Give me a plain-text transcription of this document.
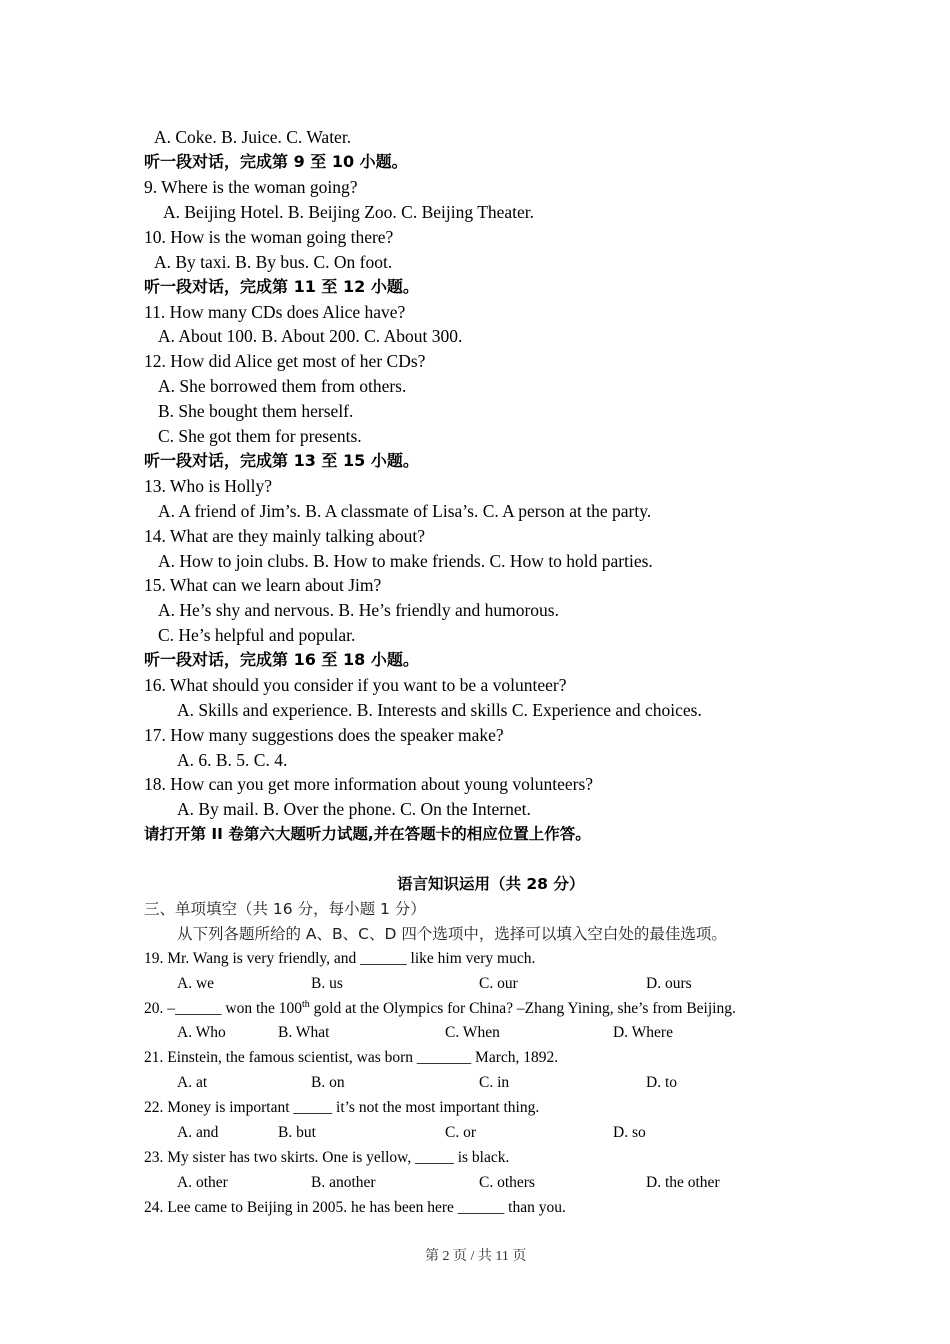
A. Coke. B. Juice. C. Water.
听一段对话，完成第 9 至 10 小题。
9. Where is the woman going?
A. Beijing Hotel. B. Beijing Zoo. C. Beijing Theater.
10. How is the woman going there?
A. By taxi. B. By bus. C. On foot.
听一段对话，完成第 11 至 12 小题。
11. How many CDs does Alice have?
A. About 100. B. About 200. C. About 300.
12. How did Alice get most of her CDs?
A. She borrowed them from others.
B. She bought them herself.
C. She got them for presents.
听一段对话，完成第 13 至 15 小题。
13. Who is Holly?
A. A friend of Jim’s. B. A classmate of Lisa’s. C. A person at the party.
14. What are they mainly talking about?
A. How to join clubs. B. How to make friends. C. How to hold parties.
15. What can we learn about Jim?
A. He’s shy and nervous. B. He’s friendly and humorous.
C. He’s helpful and popular.
听一段对话，完成第 16 至 18 小题。
16. What should you consider if you want to be a volunteer?
A. Skills and experience. B. Interests and skills C. Experience and choices.
17. How many suggestions does the speaker make?
A. 6. B. 5. C. 4.
18. How can you get more information about young volunteers?
A. By mail. B. Over the phone. C. On the Internet.
请打开第 II 卷第六大题听力试题,并在答题卡的相应位置上作答。
语言知识运用（共 28 分）
三、单项填空（共 16 分，每小题 1 分）
从下列各题所给的 A、B、C、D 四个选项中，选择可以填入空白处的最佳选项。
19. Mr. Wang is very friendly, and ______ like him very much.
A. we	B. us	C. our	D. ours
20. –______ won the 100th gold at the Olympics for China? –Zhang Yining, she’s from Beijing.
A. Who	B. What	C. When	D. Where
21. Einstein, the famous scientist, was born _______ March, 1892.
A. at	B. on	C. in	D. to
22. Money is important _____ it’s not the most important thing.
A. and	B. but	C. or	D. so
23. My sister has two skirts. One is yellow, _____ is black.
A. other	B. another	C. others	D. the other
24. Lee came to Beijing in 2005. he has been here ______ than you.
第 2 页 / 共 11 页
